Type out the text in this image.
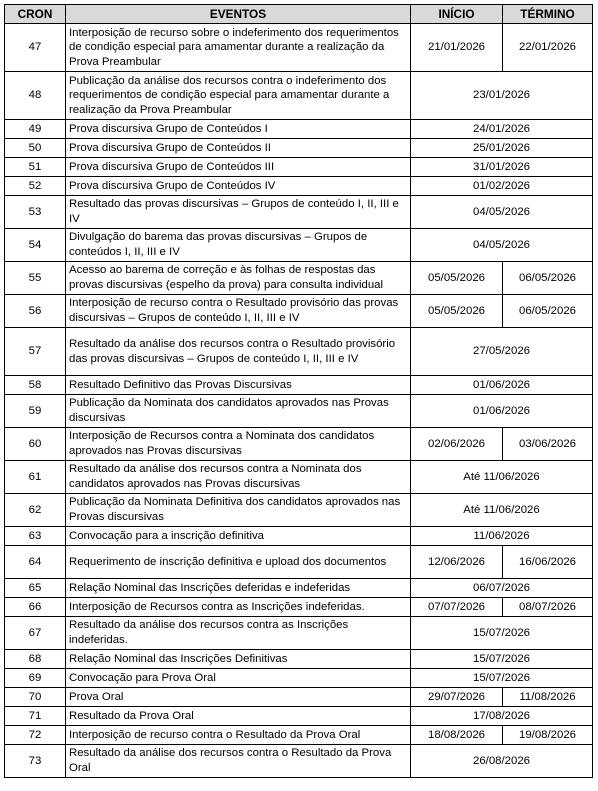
CRON	EVENTOS	INÍCIO	TÉRMINO
47	Interposição de recurso sobre o indeferimento dos requerimentos de condição especial para amamentar durante a realização da Prova Preambular	21/01/2026	22/01/2026
48	Publicação da análise dos recursos contra o indeferimento dos requerimentos de condição especial para amamentar durante a realização da Prova Preambular	23/01/2026	
49	Prova discursiva Grupo de Conteúdos I	24/01/2026	
50	Prova discursiva Grupo de Conteúdos II	25/01/2026	
51	Prova discursiva Grupo de Conteúdos III	31/01/2026	
52	Prova discursiva Grupo de Conteúdos IV	01/02/2026	
53	Resultado das provas discursivas – Grupos de conteúdo I, II, III e IV	04/05/2026	
54	Divulgação do barema das provas discursivas – Grupos de conteúdos I, II, III e IV	04/05/2026	
55	Acesso ao barema de correção e às folhas de respostas das provas discursivas (espelho da prova) para consulta individual	05/05/2026	06/05/2026
56	Interposição de recurso contra o Resultado provisório das provas discursivas – Grupos de conteúdo I, II, III e IV	05/05/2026	06/05/2026
57	Resultado da análise dos recursos contra o Resultado provisório das provas discursivas – Grupos de conteúdo I, II, III e IV	27/05/2026	
58	Resultado Definitivo das Provas Discursivas	01/06/2026	
59	Publicação da Nominata dos candidatos aprovados nas Provas discursivas	01/06/2026	
60	Interposição de Recursos contra a Nominata dos candidatos aprovados nas Provas discursivas	02/06/2026	03/06/2026
61	Resultado da análise dos recursos contra a Nominata dos candidatos aprovados nas Provas discursivas	Até 11/06/2026	
62	Publicação da Nominata Definitiva dos candidatos aprovados nas Provas discursivas	Até 11/06/2026	
63	Convocação para a inscrição definitiva	11/06/2026	
64	Requerimento de inscrição definitiva e upload dos documentos	12/06/2026	16/06/2026
65	Relação Nominal das Inscrições deferidas e indeferidas	06/07/2026	
66	Interposição de Recursos contra as Inscrições indeferidas.	07/07/2026	08/07/2026
67	Resultado da análise dos recursos contra as Inscrições indeferidas.	15/07/2026	
68	Relação Nominal das Inscrições Definitivas	15/07/2026	
69	Convocação para Prova Oral	15/07/2026	
70	Prova Oral	29/07/2026	11/08/2026
71	Resultado da Prova Oral	17/08/2026	
72	Interposição de recurso contra o Resultado da Prova Oral	18/08/2026	19/08/2026
73	Resultado da análise dos recursos contra o Resultado da Prova Oral	26/08/2026	
